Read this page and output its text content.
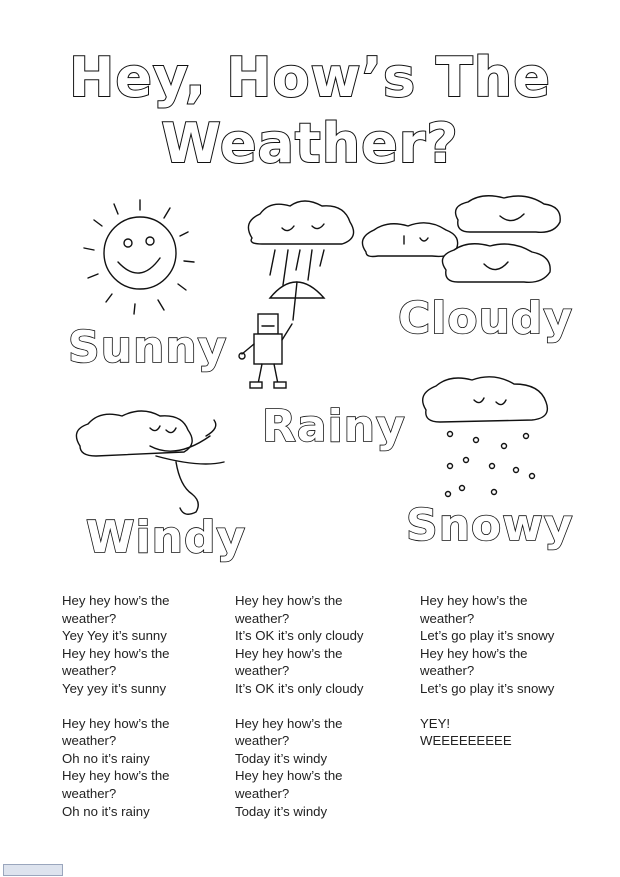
Hey, How’s The
Weather?
Sunny
Cloudy
Rainy
Windy	Snowy

Hey hey how’s the

weather?

Yey Yey it’s sunny

Hey hey how’s the

weather?

Yey yey it’s sunny

Hey hey how’s the

weather?

Oh no it’s rainy

Hey hey how’s the

weather?

Oh no it’s rainy

Hey hey how’s the

weather?

It’s OK it’s only cloudy

Hey hey how’s the

weather?

It’s OK it’s only cloudy

Hey hey how’s the

weather?

Today it’s windy

Hey hey how’s the

weather?

Today it’s windy

Hey hey how’s the

weather?

Let’s go play it’s snowy

Hey hey how’s the

weather?

Let’s go play it’s snowy

YEY!

WEEEEEEEEE
